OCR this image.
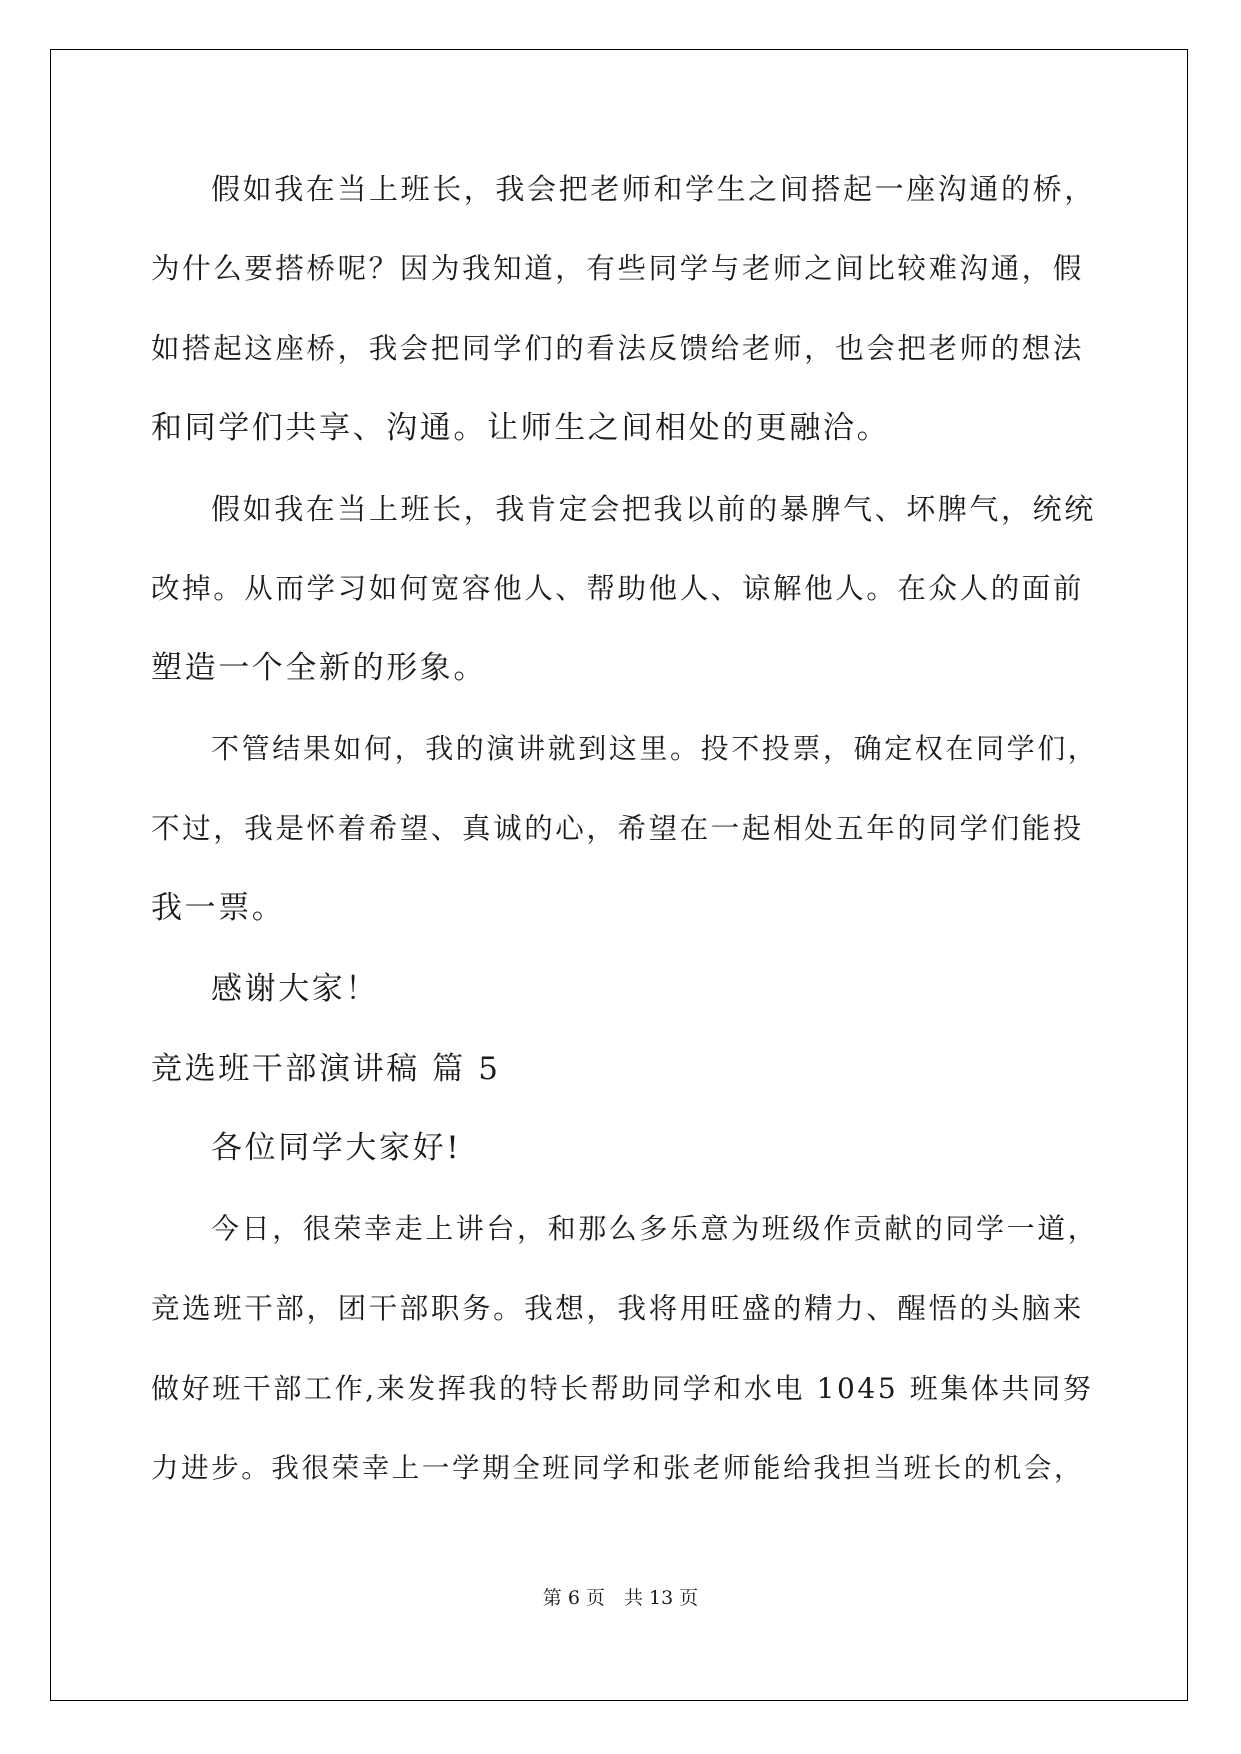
假如我在当上班长，我会把老师和学生之间搭起一座沟通的桥，
为什么要搭桥呢？因为我知道，有些同学与老师之间比较难沟通，假
如搭起这座桥，我会把同学们的看法反馈给老师，也会把老师的想法
和同学们共享、沟通。让师生之间相处的更融洽。
假如我在当上班长，我肯定会把我以前的暴脾气、坏脾气，统统
改掉。从而学习如何宽容他人、帮助他人、谅解他人。在众人的面前
塑造一个全新的形象。
不管结果如何，我的演讲就到这里。投不投票，确定权在同学们，
不过，我是怀着希望、真诚的心，希望在一起相处五年的同学们能投
我一票。
感谢大家！
竞选班干部演讲稿 篇 5
各位同学大家好!
今日，很荣幸走上讲台，和那么多乐意为班级作贡献的同学一道，
竞选班干部，团干部职务。我想，我将用旺盛的精力、醒悟的头脑来
做好班干部工作,来发挥我的特长帮助同学和水电 1045 班集体共同努
力进步。我很荣幸上一学期全班同学和张老师能给我担当班长的机会，
第 6 页　共 13 页
